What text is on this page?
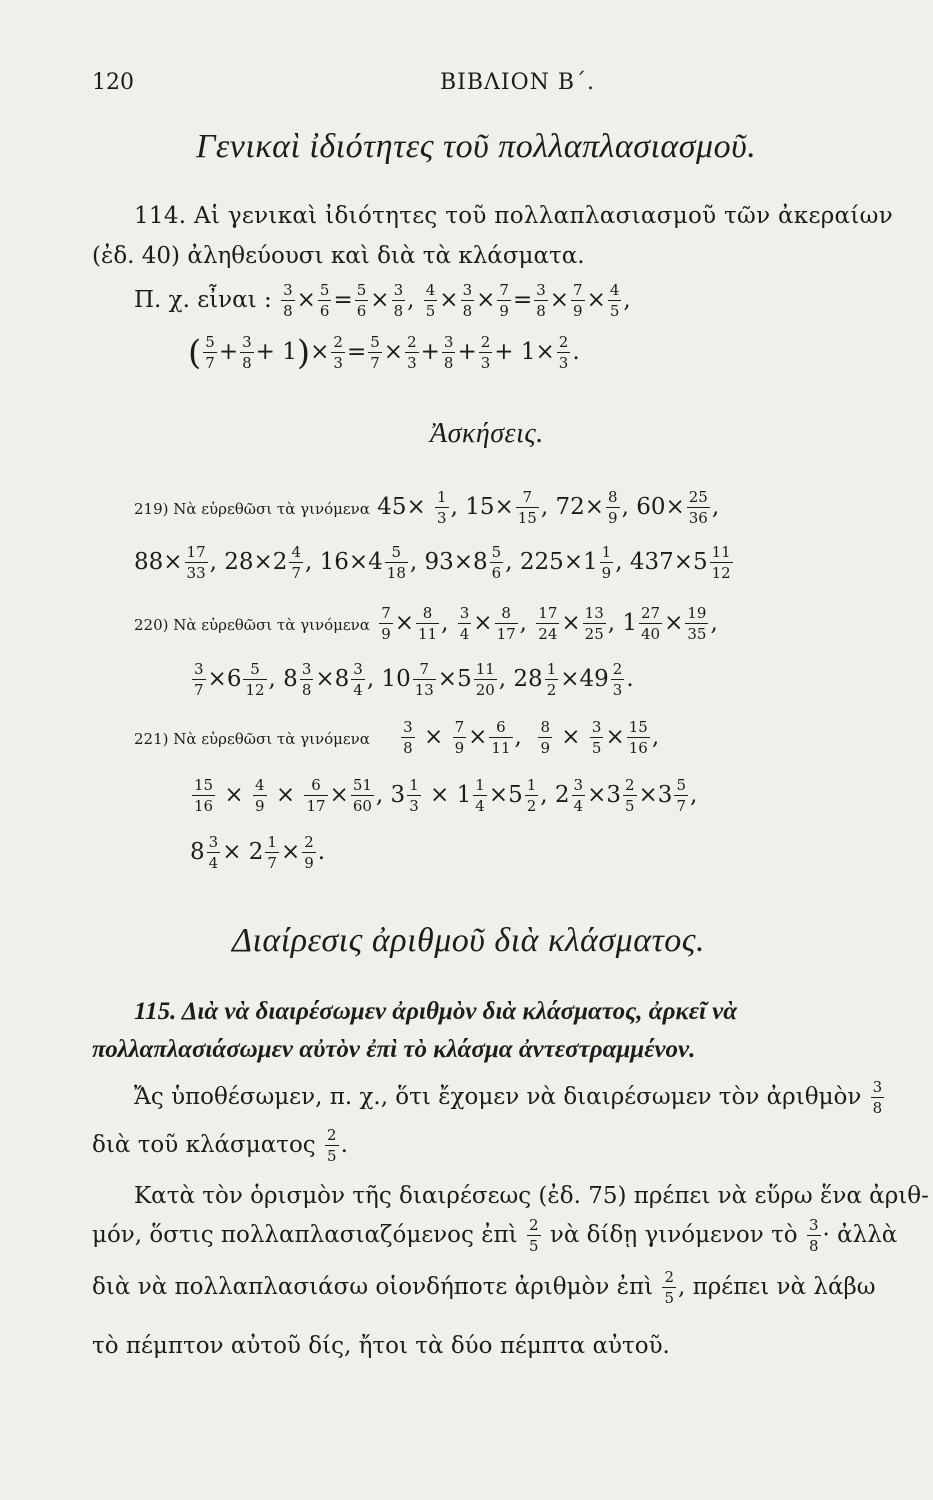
120	ΒΙΒΛΙΟΝ Β΄.
Γενικαὶ ἰδιότητες τοῦ πολλαπλασιασμοῦ.
114. Αἱ γενικαὶ ἰδιότητες τοῦ πολλαπλασιασμοῦ τῶν ἀκεραίων
(ἐδ. 40) ἀληθεύουσι καὶ διὰ τὰ κλάσματα.
Π. χ. εἶναι : $\frac{3}{8} \times \frac{5}{6} = \frac{5}{6} \times \frac{3}{8}$ , $\frac{4}{5} \times \frac{3}{8} \times \frac{7}{9} = \frac{3}{8} \times \frac{7}{9} \times \frac{4}{5}$ ,
( $\frac{5}{7} + \frac{3}{8} + 1)\times \frac{2}{3} = \frac{5}{7} \times \frac{2}{3} + \frac{3}{8} + \frac{2}{3} + 1\times \frac{2}{3}$ .
Ἀσκήσεις.
219) Νὰ εὑρεθῶσι τὰ γινόμενα $45\times \frac{1}{3}$ , $15\times \frac{7}{15}$ , $72\times \frac{8}{9}$ , $60\times \frac{25}{36}$ ,
$88\times \frac{17}{33}$ , $28\times 2 \frac{4}{7}$ , $16\times 4 \frac{5}{18}$ , $93\times 8 \frac{5}{6}$ , $225\times 1 \frac{1}{9}$ , $437\times 5 \frac{11}{12}$
220) Νὰ εὑρεθῶσι τὰ γινόμενα $\frac{7}{9} \times \frac{8}{11}$ , $\frac{3}{4} \times \frac{8}{17}$ , $\frac{17}{24} \times \frac{13}{25}$ , $1 \frac{27}{40} \times \frac{19}{35}$ ,
$\frac{3}{7} \times 6 \frac{5}{12}$ , $8 \frac{3}{8} \times 8 \frac{3}{4}$ , $10 \frac{7}{13} \times 5 \frac{11}{20}$ , $28 \frac{1}{2} \times 49 \frac{2}{3}$ .
221) Νὰ εὑρεθῶσι τὰ γινόμενα $\frac{3}{8} \times \frac{7}{9} \times \frac{6}{11}$ , $\frac{8}{9} \times \frac{3}{5} \times \frac{15}{16}$ ,
$\frac{15}{16} \times \frac{4}{9} \times \frac{6}{17} \times \frac{51}{60}$ , $3 \frac{1}{3} \times 1 \frac{1}{4} \times 5 \frac{1}{2}$ , $2 \frac{3}{4} \times 3 \frac{2}{5} \times 3 \frac{5}{7}$ ,
$8 \frac{3}{4} \times 2 \frac{1}{7} \times \frac{2}{9}$ .
Διαίρεσις ἀριθμοῦ διὰ κλάσματος.
115. Διὰ νὰ διαιρέσωμεν ἀριθμὸν διὰ κλάσματος, ἀρκεῖ νὰ
πολλαπλασιάσωμεν αὐτὸν ἐπὶ τὸ κλάσμα ἀντεστραμμένον.
Ἄς ὑποθέσωμεν, π. χ., ὅτι ἔχομεν νὰ διαιρέσωμεν τὸν ἀριθμὸν $\frac{3}{8}$
διὰ τοῦ κλάσματος $\frac{2}{5}$ .
Κατὰ τὸν ὁρισμὸν τῆς διαιρέσεως (ἐδ. 75) πρέπει νὰ εὕρω ἕνα ἀριθ-
μόν, ὅστις πολλαπλασιαζόμενος ἐπὶ $\frac{2}{5}$ νὰ δίδῃ γινόμενον τὸ $\frac{3}{8}$ · ἀλλὰ
διὰ νὰ πολλαπλασιάσω οἱονδήποτε ἀριθμὸν ἐπὶ $\frac{2}{5}$ , πρέπει νὰ λάβω
τὸ πέμπτον αὐτοῦ δίς, ἤτοι τὰ δύο πέμπτα αὐτοῦ.
